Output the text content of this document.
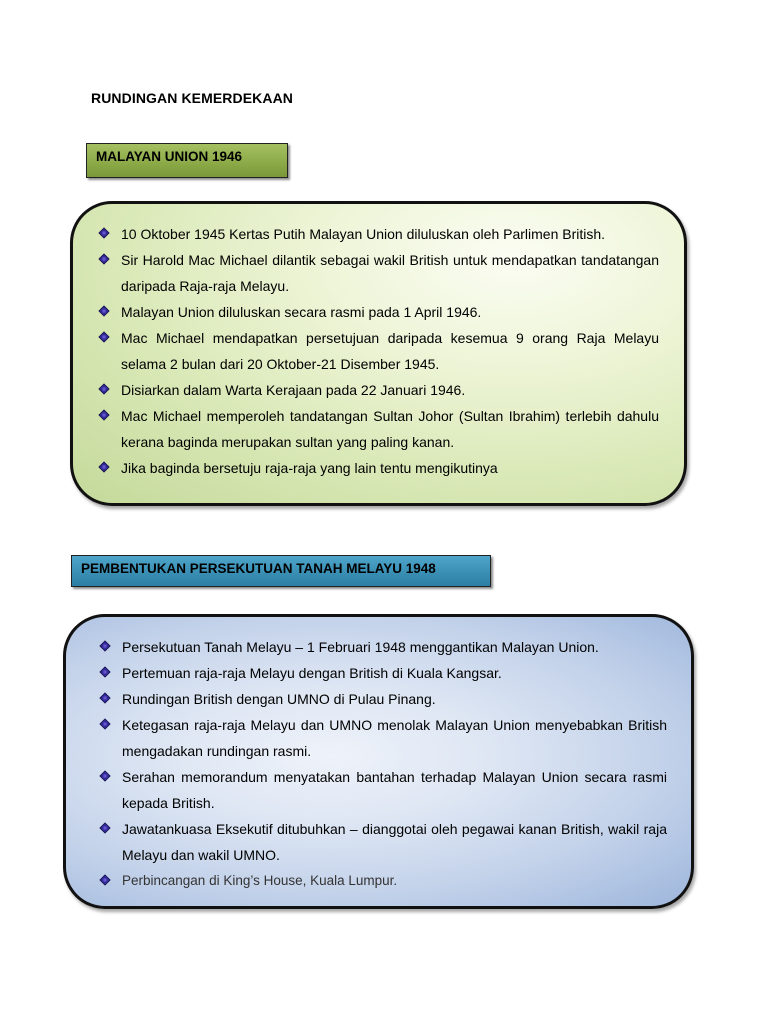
RUNDINGAN KEMERDEKAAN
MALAYAN UNION 1946
10 Oktober 1945 Kertas Putih Malayan Union diluluskan oleh Parlimen British.
Sir Harold Mac Michael dilantik sebagai wakil British untuk mendapatkan tandatangan daripada Raja-raja Melayu.
Malayan Union diluluskan secara rasmi pada 1 April 1946.
Mac Michael mendapatkan persetujuan daripada kesemua 9 orang Raja Melayu selama 2 bulan dari 20 Oktober-21 Disember 1945.
Disiarkan dalam Warta Kerajaan pada 22 Januari 1946.
Mac Michael memperoleh tandatangan Sultan Johor (Sultan Ibrahim) terlebih dahulu kerana baginda merupakan sultan yang paling kanan.
Jika baginda bersetuju raja-raja yang lain tentu mengikutinya
PEMBENTUKAN PERSEKUTUAN TANAH MELAYU 1948
Persekutuan Tanah Melayu – 1 Februari 1948 menggantikan Malayan Union.
Pertemuan raja-raja Melayu dengan British di Kuala Kangsar.
Rundingan British dengan UMNO di Pulau Pinang.
Ketegasan raja-raja Melayu dan UMNO menolak Malayan Union menyebabkan British mengadakan rundingan rasmi.
Serahan memorandum menyatakan bantahan terhadap Malayan Union secara rasmi kepada British.
Jawatankuasa Eksekutif ditubuhkan – dianggotai oleh pegawai kanan British, wakil raja Melayu dan wakil UMNO.
Perbincangan di King’s House, Kuala Lumpur.
